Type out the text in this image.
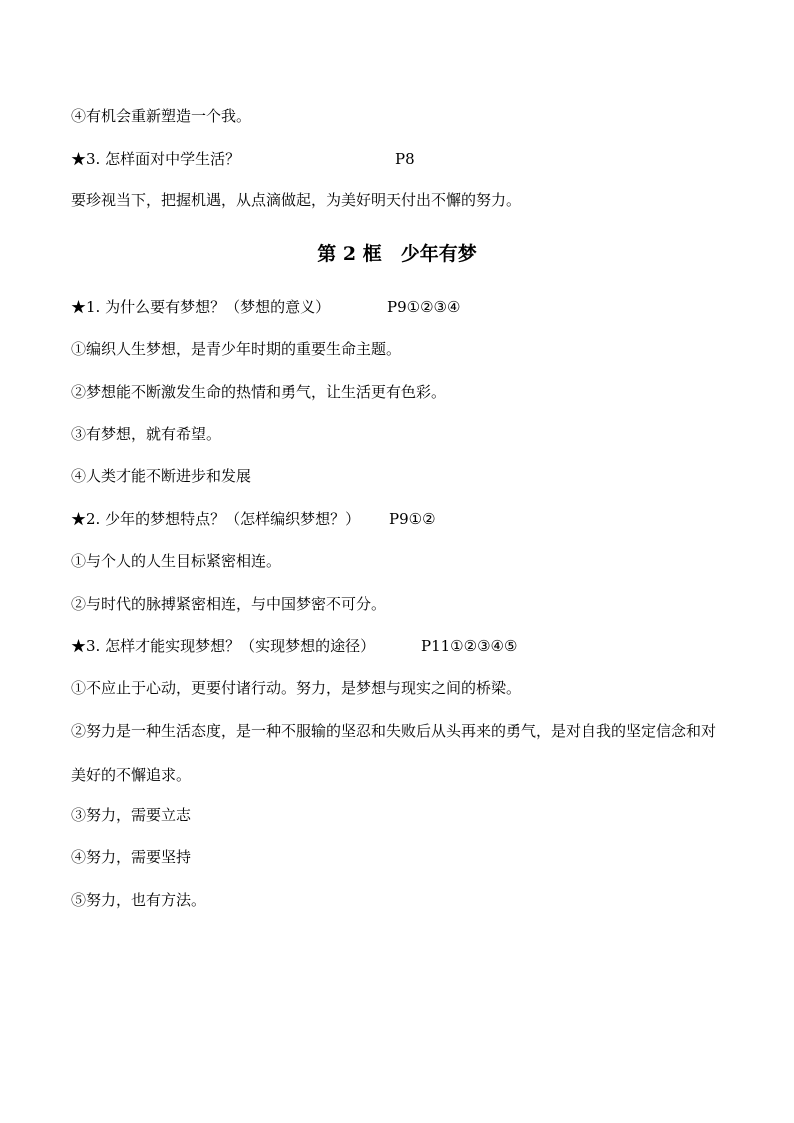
④有机会重新塑造一个我。
★3. 怎样面对中学生活？	P8
要珍视当下，把握机遇，从点滴做起，为美好明天付出不懈的努力。
第 2 框　少年有梦
★1. 为什么要有梦想？（梦想的意义）	P9①②③④
①编织人生梦想，是青少年时期的重要生命主题。
②梦想能不断激发生命的热情和勇气，让生活更有色彩。
③有梦想，就有希望。
④人类才能不断进步和发展
★2. 少年的梦想特点？（怎样编织梦想？） P9①②
①与个人的人生目标紧密相连。
②与时代的脉搏紧密相连，与中国梦密不可分。
★3. 怎样才能实现梦想？（实现梦想的途径）	P11①②③④⑤
①不应止于心动，更要付诸行动。努力，是梦想与现实之间的桥梁。
②努力是一种生活态度，是一种不服输的坚忍和失败后从头再来的勇气，是对自我的坚定信念和对美好的不懈追求。
③努力，需要立志
④努力，需要坚持
⑤努力，也有方法。
